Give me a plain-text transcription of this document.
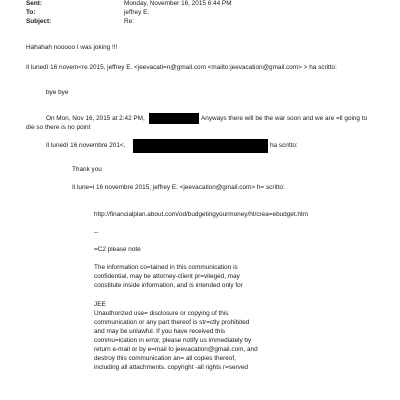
Sent:	Monday, November 16, 2015 6:44 PM
To:	jeffrey E.
Subject:	Re:
Hahahah nooooo I was joking !!!
Il lunedì 16 novem<re 2015, jeffrey E. <jeevacati=n@gmail.com <mailto:jeevacation@gmail.com> > ha scritto:
bye bye
On Mon, Nov 16, 2015 at 2:42 PM,	Anyways there will be the war soon and we are =ll going to
die so there is no point
Il lunedì 16 novembre 201<,	ha scritto:
Thank you
Il lune=i 16 novembre 2015, jeffrey E. <jeevacation@gmail.com> h= scritto:
http://financialplan.about.com/od/budgetingyourmoney/ht/crea=ebudget.htm
--
=C2 please note
The information co=tained in this communication is
confidential, may be attorney-client pr=vileged, may
constitute inside information, and is intended only for
JEE
Unauthorized use= disclosure or copying of this
communication or any part thereof is str=ctly prohibited
and may be unlawful. If you have received this
commu=ication in error, please notify us immediately by
return e-mail or by e=mail to jeevacation@gmail.com, and
destroy this communication an= all copies thereof,
including all attachments. copyright -all rights r=served
